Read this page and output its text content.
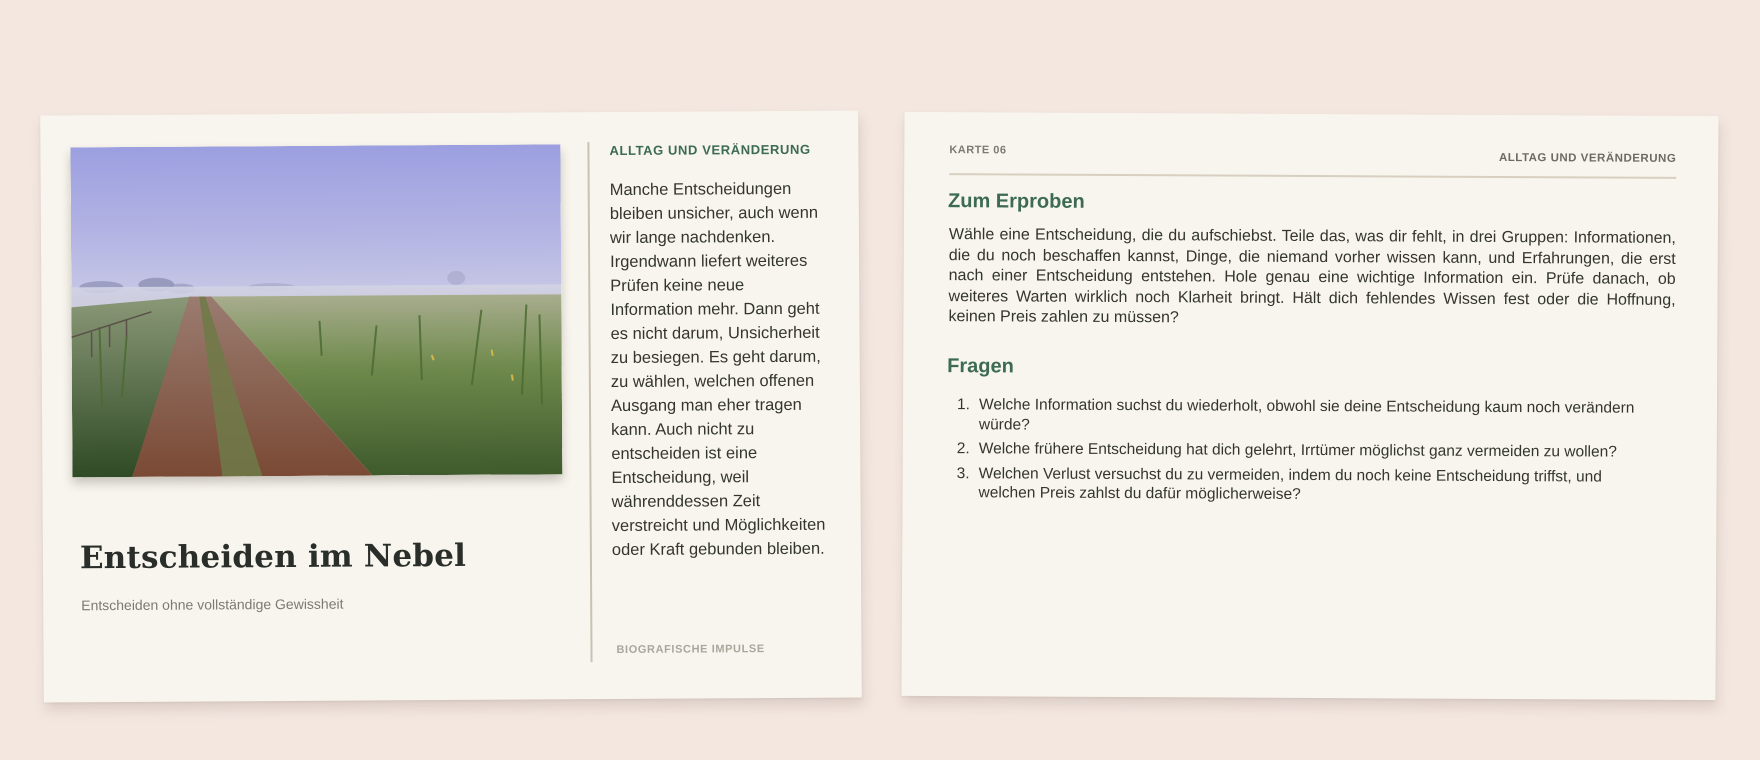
Entscheiden im Nebel
Entscheiden ohne vollständige Gewissheit
ALLTAG UND VERÄNDERUNG
Manche Entscheidungen bleiben unsicher, auch wenn wir lange nachdenken. Irgendwann liefert weiteres Prüfen keine neue Information mehr. Dann geht es nicht darum, Unsicherheit zu besiegen. Es geht darum, zu wählen, welchen offenen Ausgang man eher tragen kann. Auch nicht zu entscheiden ist eine Entscheidung, weil währenddessen Zeit verstreicht und Möglichkeiten oder Kraft gebunden bleiben.
BIOGRAFISCHE IMPULSE
KARTE 06
ALLTAG UND VERÄNDERUNG
Zum Erproben
Wähle eine Entscheidung, die du aufschiebst. Teile das, was dir fehlt, in drei Gruppen: Informationen, die du noch beschaffen kannst, Dinge, die niemand vorher wissen kann, und Erfahrungen, die erst nach einer Entscheidung entstehen. Hole genau eine wichtige Information ein. Prüfe danach, ob weiteres Warten wirklich noch Klarheit bringt. Hält dich fehlendes Wissen fest oder die Hoffnung, keinen Preis zahlen zu müssen?
Fragen
1. Welche Information suchst du wiederholt, obwohl sie deine Entscheidung kaum noch verändern würde?
2. Welche frühere Entscheidung hat dich gelehrt, Irrtümer möglichst ganz vermeiden zu wollen?
3. Welchen Verlust versuchst du zu vermeiden, indem du noch keine Entscheidung triffst, und welchen Preis zahlst du dafür möglicherweise?
